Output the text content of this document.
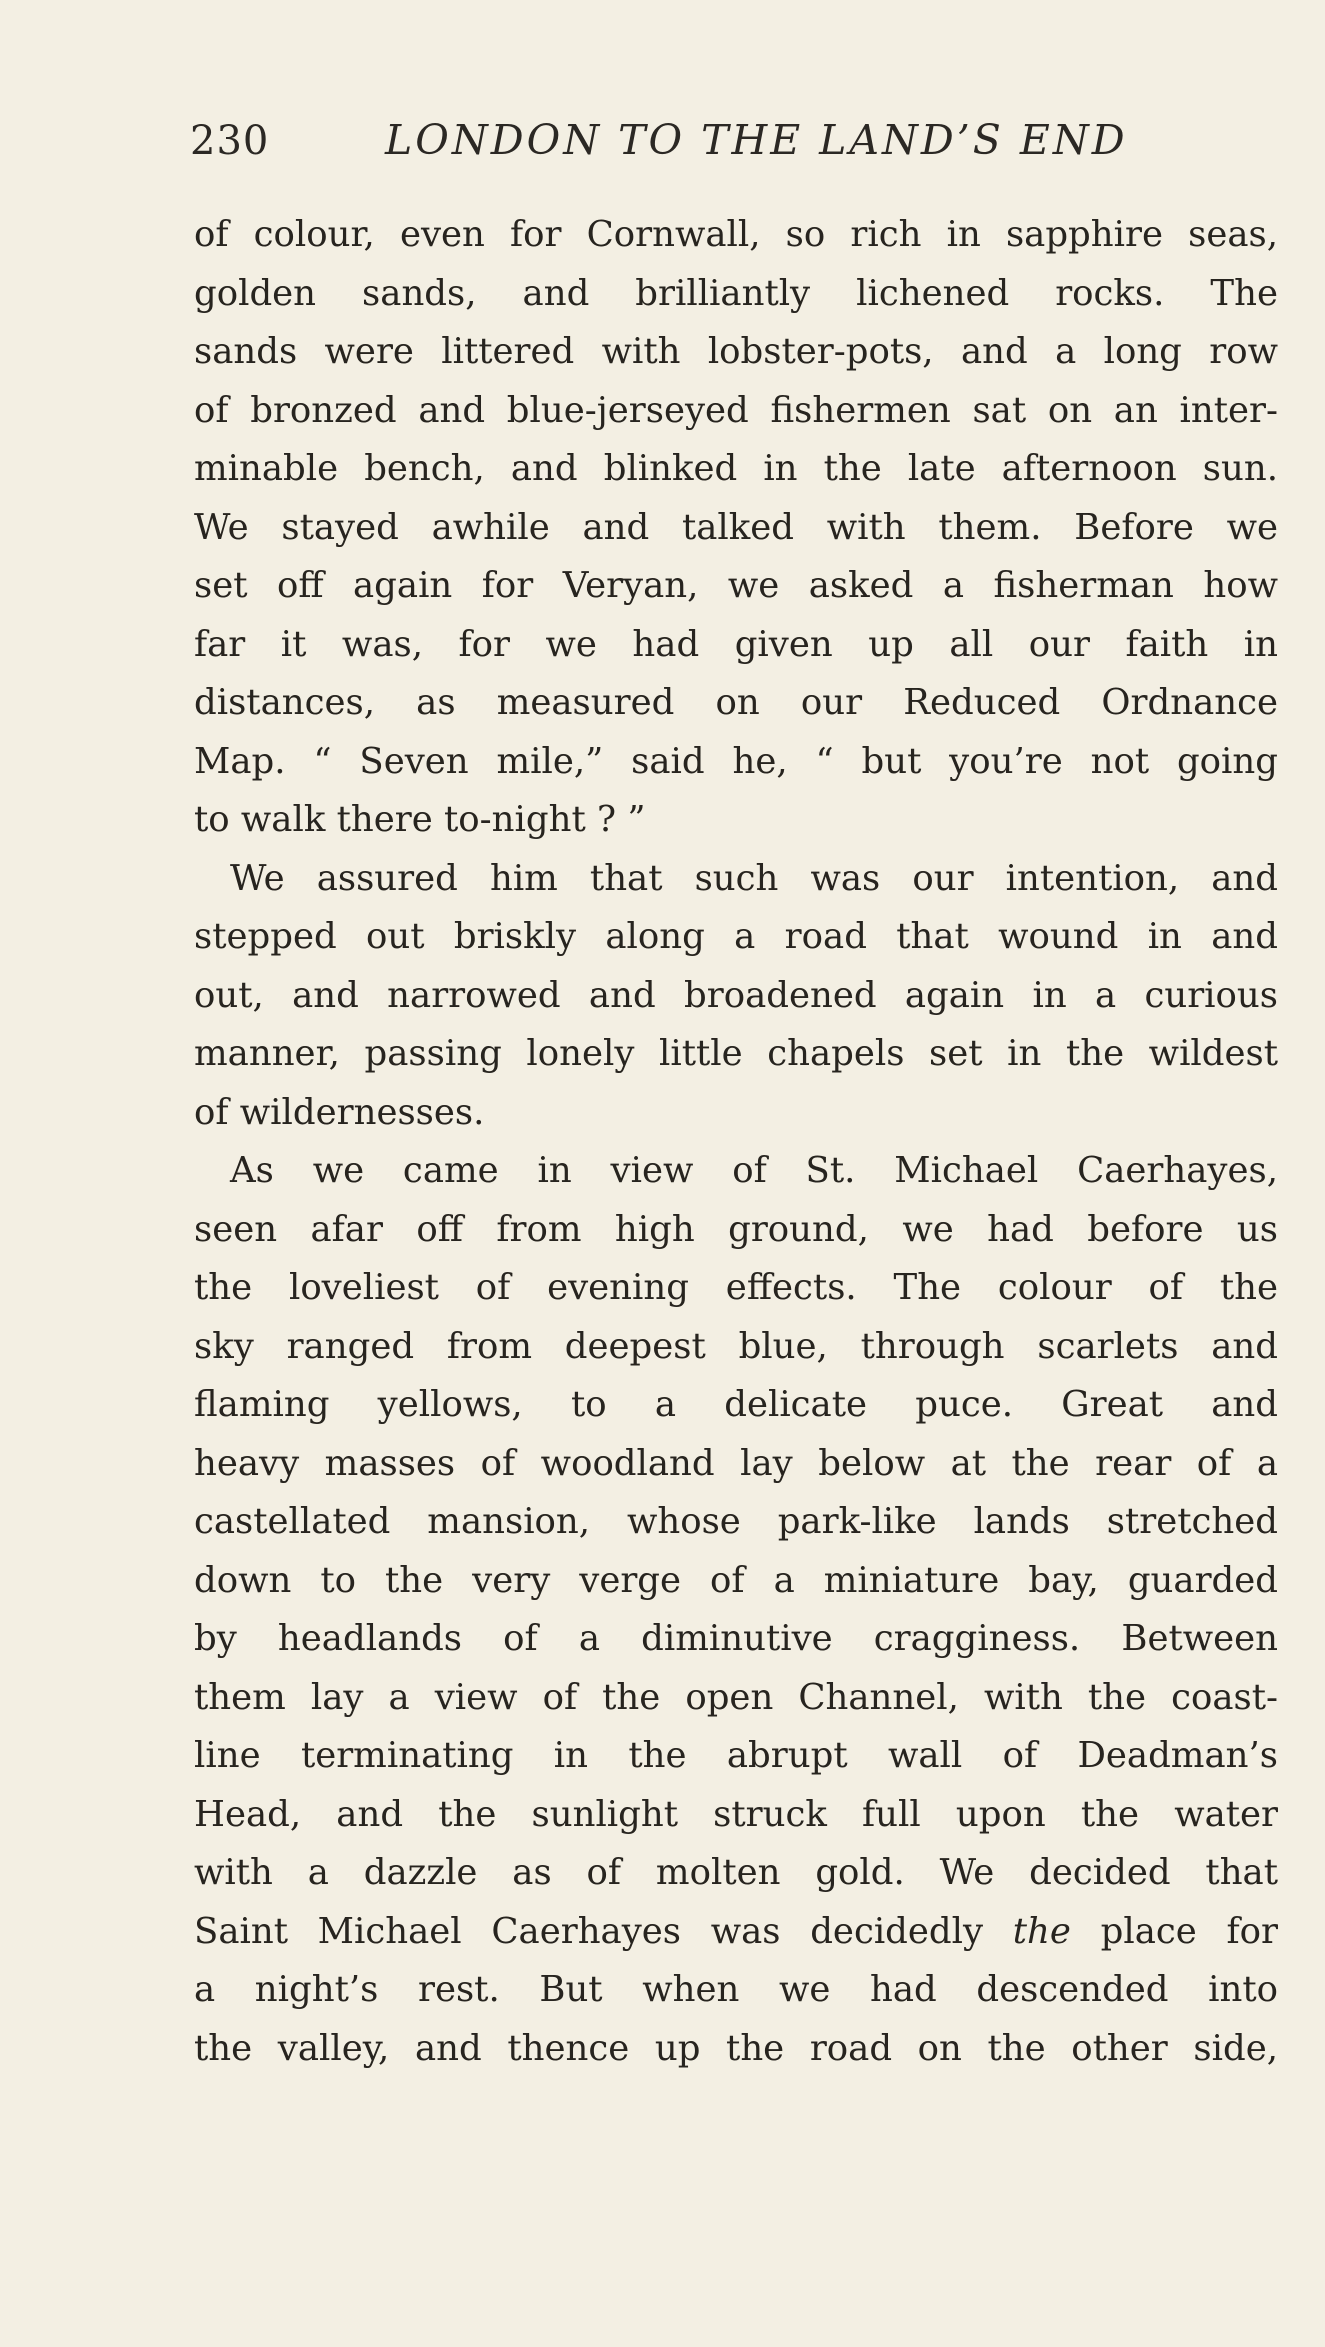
230	LONDON TO THE LAND’S END
of colour, even for Cornwall, so rich in sapphire seas,
golden sands, and brilliantly lichened rocks. The
sands were littered with lobster-pots, and a long row
of bronzed and blue-jerseyed fishermen sat on an inter-
minable bench, and blinked in the late afternoon sun.
We stayed awhile and talked with them. Before we
set off again for Veryan, we asked a fisherman how
far it was, for we had given up all our faith in
distances, as measured on our Reduced Ordnance
Map. “ Seven mile,” said he, “ but you’re not going
to walk there to-night ? ”
We assured him that such was our intention, and
stepped out briskly along a road that wound in and
out, and narrowed and broadened again in a curious
manner, passing lonely little chapels set in the wildest
of wildernesses.
As we came in view of St. Michael Caerhayes,
seen afar off from high ground, we had before us
the loveliest of evening effects. The colour of the
sky ranged from deepest blue, through scarlets and
flaming yellows, to a delicate puce. Great and
heavy masses of woodland lay below at the rear of a
castellated mansion, whose park-like lands stretched
down to the very verge of a miniature bay, guarded
by headlands of a diminutive cragginess. Between
them lay a view of the open Channel, with the coast-
line terminating in the abrupt wall of Deadman’s
Head, and the sunlight struck full upon the water
with a dazzle as of molten gold. We decided that
Saint Michael Caerhayes was decidedly the place for
a night’s rest. But when we had descended into
the valley, and thence up the road on the other side,
